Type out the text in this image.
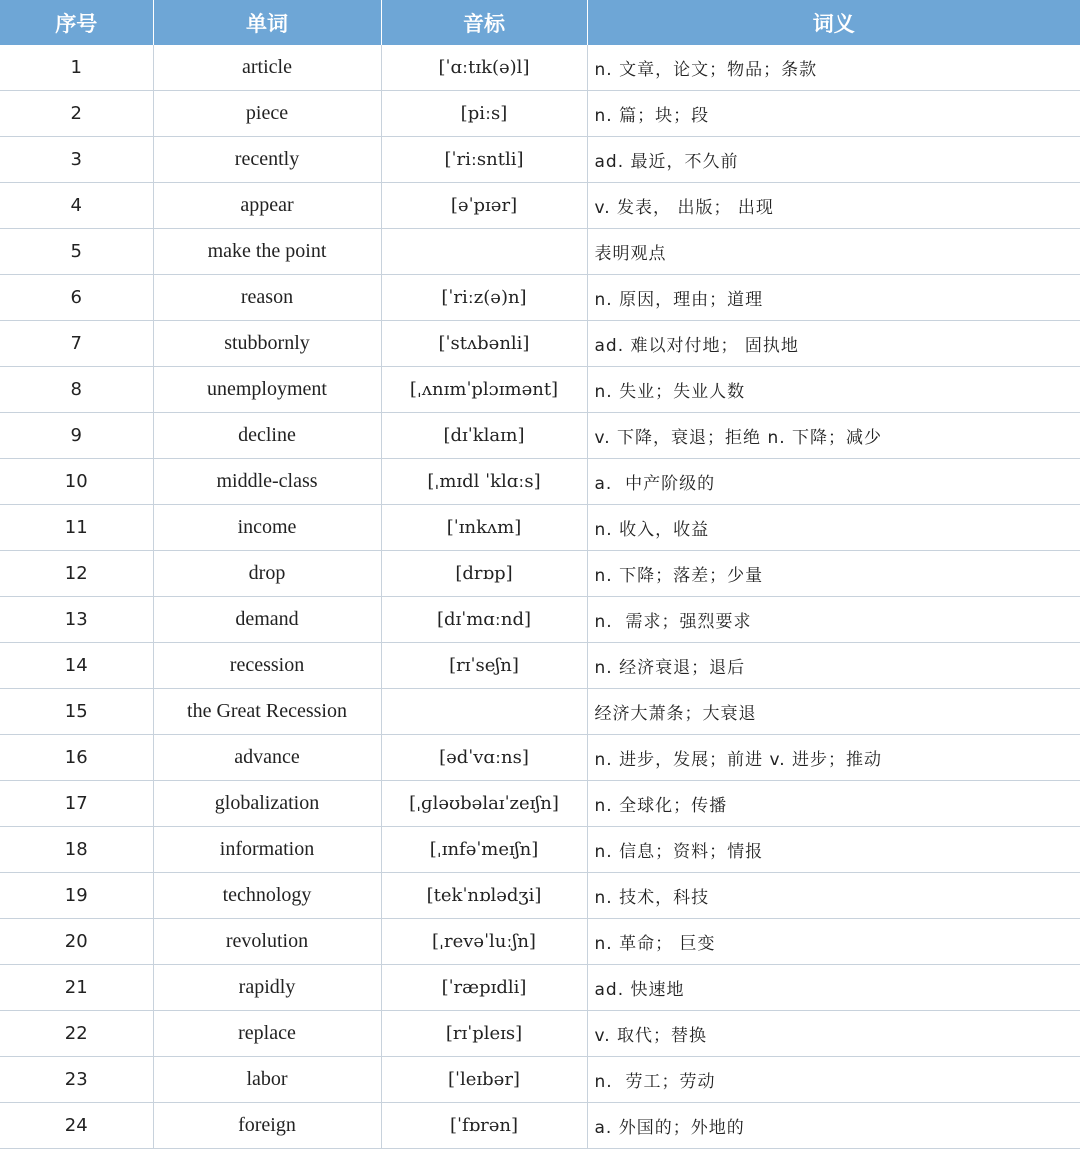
序号	单词	音标	词义
1	article	[ˈɑːtɪk(ə)l]	n. 文章，论文；物品；条款
2	piece	[piːs]	n. 篇；块；段
3	recently	[ˈriːsntli]	ad. 最近，不久前
4	appear	[əˈpɪər]	v. 发表， 出版； 出现
5	make the point		表明观点
6	reason	[ˈriːz(ə)n]	n. 原因，理由；道理
7	stubbornly	[ˈstʌbənli]	ad. 难以对付地； 固执地
8	unemployment	[ˌʌnɪmˈplɔɪmənt]	n. 失业；失业人数
9	decline	[dɪˈklaɪn]	v. 下降，衰退；拒绝 n. 下降；减少
10	middle-class	[ˌmɪdl ˈklɑːs]	a.  中产阶级的
11	income	[ˈɪnkʌm]	n. 收入，收益
12	drop	[drɒp]	n. 下降；落差；少量
13	demand	[dɪˈmɑːnd]	n.  需求；强烈要求
14	recession	[rɪˈseʃn]	n. 经济衰退；退后
15	the Great Recession		经济大萧条；大衰退
16	advance	[ədˈvɑːns]	n. 进步，发展；前进 v. 进步；推动
17	globalization	[ˌɡləʊbəlaɪˈzeɪʃn]	n. 全球化；传播
18	information	[ˌɪnfəˈmeɪʃn]	n. 信息；资料；情报
19	technology	[tekˈnɒlədʒi]	n. 技术，科技
20	revolution	[ˌrevəˈluːʃn]	n. 革命； 巨变
21	rapidly	[ˈræpɪdli]	ad. 快速地
22	replace	[rɪˈpleɪs]	v. 取代；替换
23	labor	[ˈleɪbər]	n.  劳工；劳动
24	foreign	[ˈfɒrən]	a. 外国的；外地的
